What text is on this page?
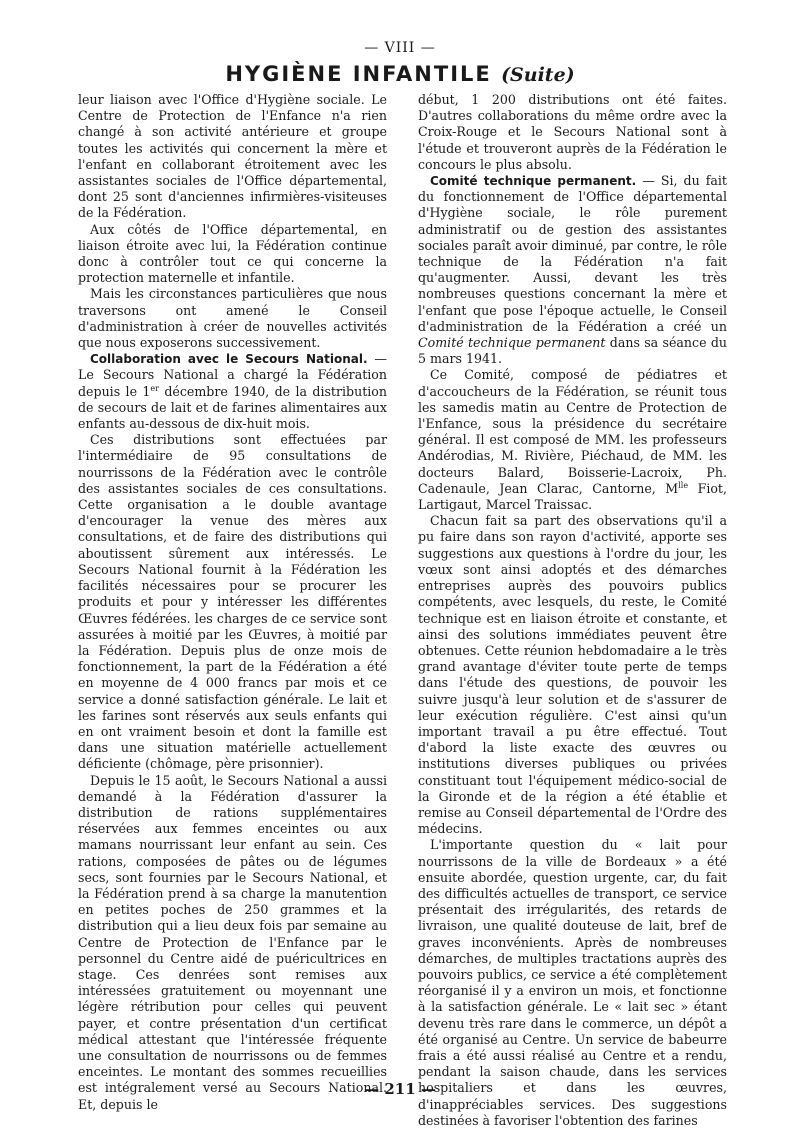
— VIII —
HYGIÈNE INFANTILE (Suite)

leur liaison avec l'Office d'Hygiène sociale. Le Centre de Protection de l'Enfance n'a rien changé à son activité antérieure et groupe toutes les activités qui concernent la mère et l'enfant en collaborant étroitement avec les assistantes sociales de l'Office départemental, dont 25 sont d'anciennes infirmières-visiteuses de la Fédération.

Aux côtés de l'Office départemental, en liaison étroite avec lui, la Fédération continue donc à contrôler tout ce qui concerne la protection maternelle et infantile.

Mais les circonstances particulières que nous traversons ont amené le Conseil d'administration à créer de nouvelles activités que nous exposerons successivement.

Collaboration avec le Secours National. — Le Secours National a chargé la Fédération depuis le 1er décembre 1940, de la distribution de secours de lait et de farines alimentaires aux enfants au-dessous de dix-huit mois.

Ces distributions sont effectuées par l'intermédiaire de 95 consultations de nourrissons de la Fédération avec le contrôle des assistantes sociales de ces consultations. Cette organisation a le double avantage d'encourager la venue des mères aux consultations, et de faire des distributions qui aboutissent sûrement aux intéressés. Le Secours National fournit à la Fédération les facilités nécessaires pour se procurer les produits et pour y intéresser les différentes Œuvres fédérées. les charges de ce service sont assurées à moitié par les Œuvres, à moitié par la Fédération. Depuis plus de onze mois de fonctionnement, la part de la Fédération a été en moyenne de 4 000 francs par mois et ce service a donné satisfaction générale. Le lait et les farines sont réservés aux seuls enfants qui en ont vraiment besoin et dont la famille est dans une situation matérielle actuellement déficiente (chômage, père prisonnier).

Depuis le 15 août, le Secours National a aussi demandé à la Fédération d'assurer la distribution de rations supplémentaires réservées aux femmes enceintes ou aux mamans nourrissant leur enfant au sein. Ces rations, composées de pâtes ou de légumes secs, sont fournies par le Secours National, et la Fédération prend à sa charge la manutention en petites poches de 250 grammes et la distribution qui a lieu deux fois par semaine au Centre de Protection de l'Enfance par le personnel du Centre aidé de puéricultrices en stage. Ces denrées sont remises aux intéressées gratuitement ou moyennant une légère rétribution pour celles qui peuvent payer, et contre présentation d'un certificat médical attestant que l'intéressée fréquente une consultation de nourrissons ou de femmes enceintes. Le montant des sommes recueillies est intégralement versé au Secours National. Et, depuis le

début, 1 200 distributions ont été faites. D'autres collaborations du même ordre avec la Croix-Rouge et le Secours National sont à l'étude et trouveront auprès de la Fédération le concours le plus absolu.

Comité technique permanent. — Si, du fait du fonctionnement de l'Office départemental d'Hygiène sociale, le rôle purement administratif ou de gestion des assistantes sociales paraît avoir diminué, par contre, le rôle technique de la Fédération n'a fait qu'augmenter. Aussi, devant les très nombreuses questions concernant la mère et l'enfant que pose l'époque actuelle, le Conseil d'administration de la Fédération a créé un Comité technique permanent dans sa séance du 5 mars 1941.

Ce Comité, composé de pédiatres et d'accoucheurs de la Fédération, se réunit tous les samedis matin au Centre de Protection de l'Enfance, sous la présidence du secrétaire général. Il est composé de MM. les professeurs Andérodias, M. Rivière, Piéchaud, de MM. les docteurs Balard, Boisserie-Lacroix, Ph. Cadenaule, Jean Clarac, Cantorne, $M^{lle}$ Fiot, Lartigaut, Marcel Traissac.

Chacun fait sa part des observations qu'il a pu faire dans son rayon d'activité, apporte ses suggestions aux questions à l'ordre du jour, les vœux sont ainsi adoptés et des démarches entreprises auprès des pouvoirs publics compétents, avec lesquels, du reste, le Comité technique est en liaison étroite et constante, et ainsi des solutions immédiates peuvent être obtenues. Cette réunion hebdomadaire a le très grand avantage d'éviter toute perte de temps dans l'étude des questions, de pouvoir les suivre jusqu'à leur solution et de s'assurer de leur exécution régulière. C'est ainsi qu'un important travail a pu être effectué. Tout d'abord la liste exacte des œuvres ou institutions diverses publiques ou privées constituant tout l'équipement médico-social de la Gironde et de la région a été établie et remise au Conseil départemental de l'Ordre des médecins.

L'importante question du « lait pour nourrissons de la ville de Bordeaux » a été ensuite abordée, question urgente, car, du fait des difficultés actuelles de transport, ce service présentait des irrégularités, des retards de livraison, une qualité douteuse de lait, bref de graves inconvénients. Après de nombreuses démarches, de multiples tractations auprès des pouvoirs publics, ce service a été complètement réorganisé il y a environ un mois, et fonctionne à la satisfaction générale. Le « lait sec » étant devenu très rare dans le commerce, un dépôt a été organisé au Centre. Un service de babeurre frais a été aussi réalisé au Centre et a rendu, pendant la saison chaude, dans les services hospitaliers et dans les œuvres, d'inappréciables services. Des suggestions destinées à favoriser l'obtention des farines

— 211 —
